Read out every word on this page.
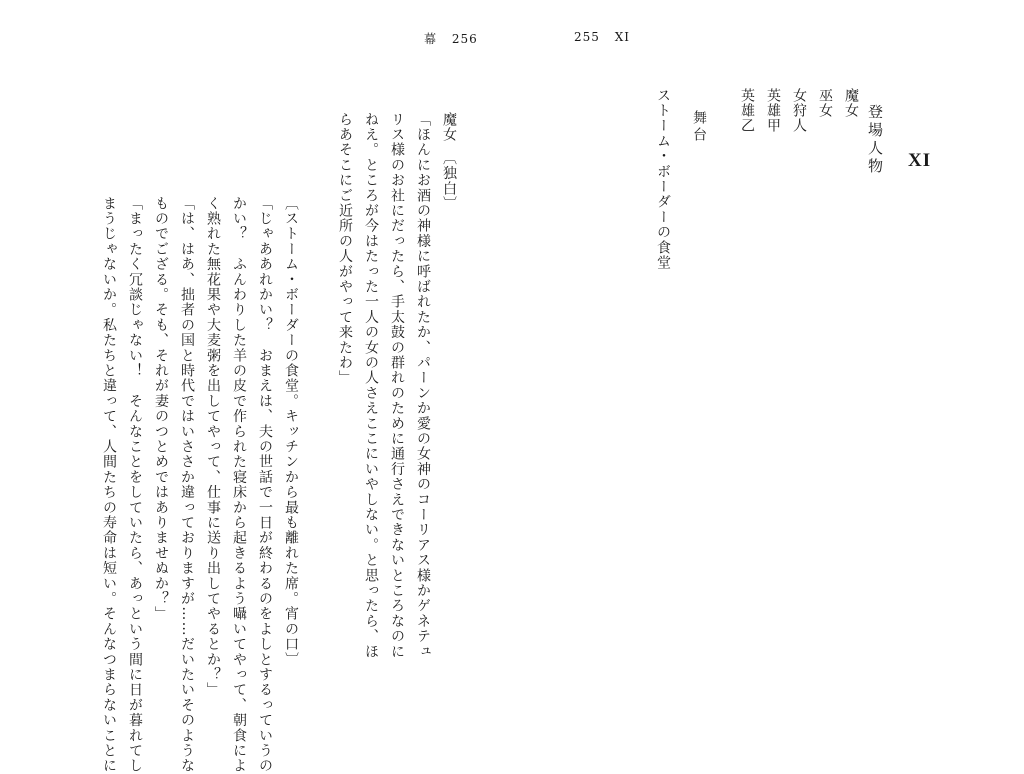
幕 256	255 XI
XI
登場人物
魔女
巫女
女狩人
英雄甲
英雄乙
舞台
ストーム・ボーダーの食堂
魔女　〔独白〕
「ほんにお酒の神様に呼ばれたか、パーンか愛の女神のコーリアス様かゲネテュ
リス様のお社にだったら、手太鼓の群れのために通行さえできないところなのに
ねえ。ところが今はたった一人の女の人さえここにいやしない。と思ったら、ほ
らあそこにご近所の人がやって来たわ」
〔ストーム・ボーダーの食堂。キッチンから最も離れた席。宵の口〕
「じゃああれかい？　おまえは、夫の世話で一日が終わるのをよしとするっていうの
かい？　ふんわりした羊の皮で作られた寝床から起きるよう囁いてやって、朝食によ
く熟れた無花果や大麦粥を出してやって、仕事に送り出してやるとか？」
「は、はあ、拙者の国と時代ではいささか違っておりますが……だいたいそのような
ものでござる。そも、それが妻のつとめではありませぬか？」
「まったく冗談じゃない！　そんなことをしていたら、あっという間に日が暮れてし
まうじゃないか。私たちと違って、人間たちの寿命は短い。そんなつまらないことに
